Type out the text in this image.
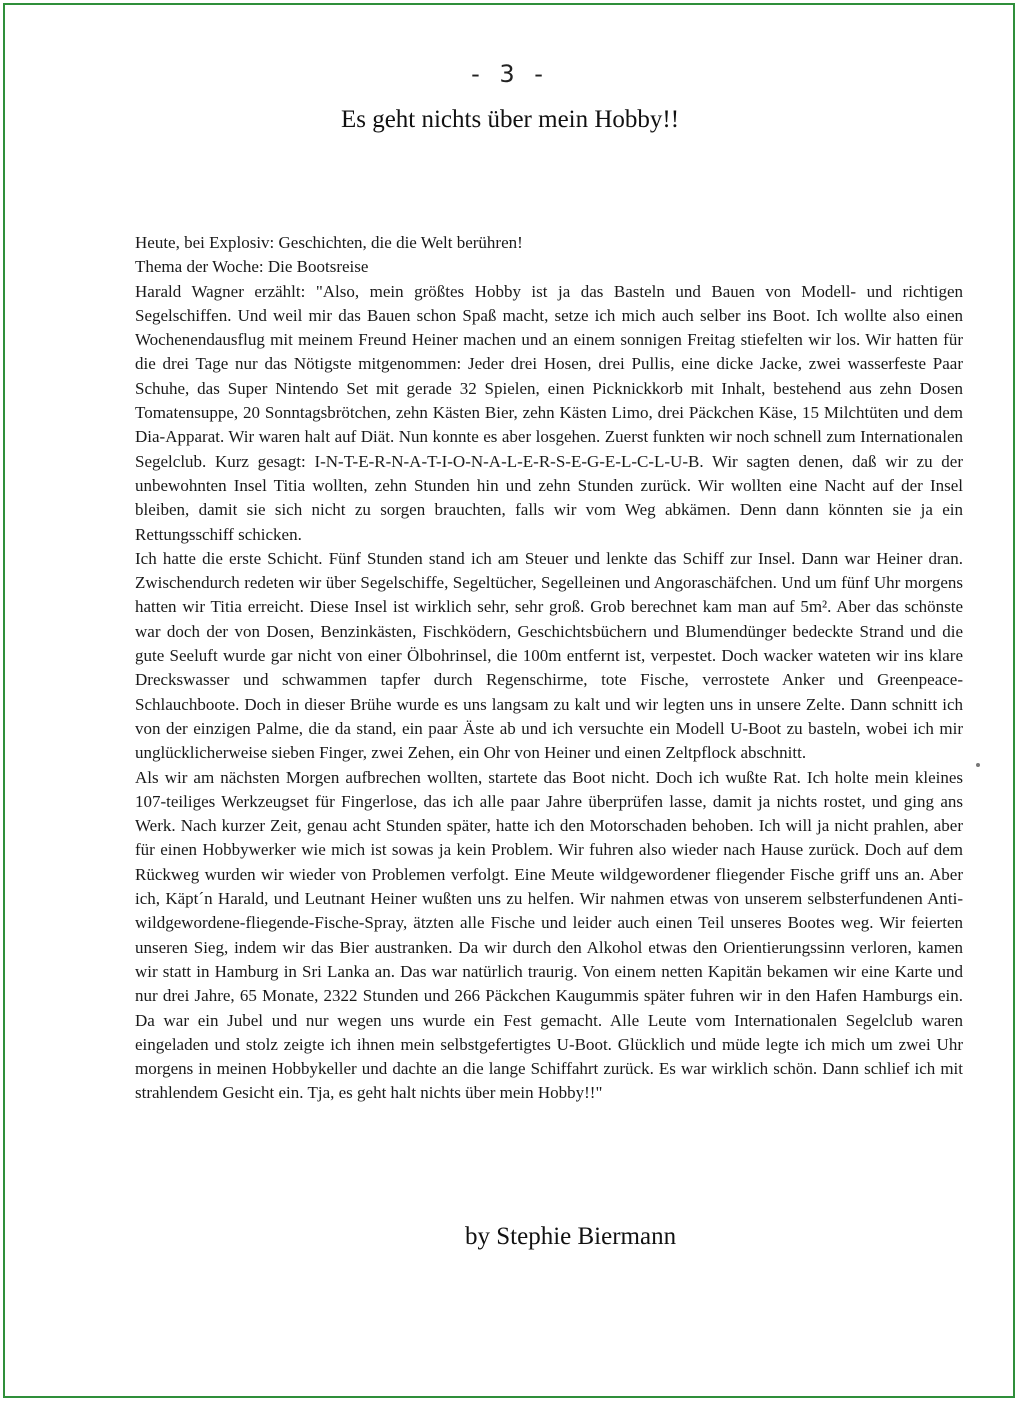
- 3 -
Es geht nichts über mein Hobby!!

Heute, bei Explosiv: Geschichten, die die Welt berühren!

Thema der Woche: Die Bootsreise

Harald Wagner erzählt: "Also, mein größtes Hobby ist ja das Basteln und Bauen von Modell- und richtigen Segelschiffen. Und weil mir das Bauen schon Spaß macht, setze ich mich auch selber ins Boot. Ich wollte also einen Wochenendausflug mit meinem Freund Heiner machen und an einem sonnigen Freitag stiefelten wir los. Wir hatten für die drei Tage nur das Nötigste mitgenommen: Jeder drei Hosen, drei Pullis, eine dicke Jacke, zwei wasserfeste Paar Schuhe, das Super Nintendo Set mit gerade 32 Spielen, einen Picknickkorb mit Inhalt, bestehend aus zehn Dosen Tomatensuppe, 20 Sonntagsbrötchen, zehn Kästen Bier, zehn Kästen Limo, drei Päckchen Käse, 15 Milchtüten und dem Dia-Apparat. Wir waren halt auf Diät. Nun konnte es aber losgehen. Zuerst funkten wir noch schnell zum Internationalen Segelclub. Kurz gesagt: I-N-T-E-R-N-A-T-I-O-N-A-L-E-R-S-E-G-E-L-C-L-U-B. Wir sagten denen, daß wir zu der unbewohnten Insel Titia wollten, zehn Stunden hin und zehn Stunden zurück. Wir wollten eine Nacht auf der Insel bleiben, damit sie sich nicht zu sorgen brauchten, falls wir vom Weg abkämen. Denn dann könnten sie ja ein Rettungsschiff schicken.

Ich hatte die erste Schicht. Fünf Stunden stand ich am Steuer und lenkte das Schiff zur Insel. Dann war Heiner dran. Zwischendurch redeten wir über Segelschiffe, Segeltücher, Segelleinen und Angoraschäfchen. Und um fünf Uhr morgens hatten wir Titia erreicht. Diese Insel ist wirklich sehr, sehr groß. Grob berechnet kam man auf 5m². Aber das schönste war doch der von Dosen, Benzinkästen, Fischködern, Geschichtsbüchern und Blumendünger bedeckte Strand und die gute Seeluft wurde gar nicht von einer Ölbohrinsel, die 100m entfernt ist, verpestet. Doch wacker wateten wir ins klare Dreckswasser und schwammen tapfer durch Regenschirme, tote Fische, verrostete Anker und Greenpeace-Schlauchboote. Doch in dieser Brühe wurde es uns langsam zu kalt und wir legten uns in unsere Zelte. Dann schnitt ich von der einzigen Palme, die da stand, ein paar Äste ab und ich versuchte ein Modell U-Boot zu basteln, wobei ich mir unglücklicherweise sieben Finger, zwei Zehen, ein Ohr von Heiner und einen Zeltpflock abschnitt.

Als wir am nächsten Morgen aufbrechen wollten, startete das Boot nicht. Doch ich wußte Rat. Ich holte mein kleines 107-teiliges Werkzeugset für Fingerlose, das ich alle paar Jahre überprüfen lasse, damit ja nichts rostet, und ging ans Werk. Nach kurzer Zeit, genau acht Stunden später, hatte ich den Motorschaden behoben. Ich will ja nicht prahlen, aber für einen Hobbywerker wie mich ist sowas ja kein Problem. Wir fuhren also wieder nach Hause zurück. Doch auf dem Rückweg wurden wir wieder von Problemen verfolgt. Eine Meute wildgewordener fliegender Fische griff uns an. Aber ich, Käpt´n Harald, und Leutnant Heiner wußten uns zu helfen. Wir nahmen etwas von unserem selbsterfundenen Anti-wildgewordene-fliegende-Fische-Spray, ätzten alle Fische und leider auch einen Teil unseres Bootes weg. Wir feierten unseren Sieg, indem wir das Bier austranken. Da wir durch den Alkohol etwas den Orientierungssinn verloren, kamen wir statt in Hamburg in Sri Lanka an. Das war natürlich traurig. Von einem netten Kapitän bekamen wir eine Karte und nur drei Jahre, 65 Monate, 2322 Stunden und 266 Päckchen Kaugummis später fuhren wir in den Hafen Hamburgs ein. Da war ein Jubel und nur wegen uns wurde ein Fest gemacht. Alle Leute vom Internationalen Segelclub waren eingeladen und stolz zeigte ich ihnen mein selbstgefertigtes U-Boot. Glücklich und müde legte ich mich um zwei Uhr morgens in meinen Hobbykeller und dachte an die lange Schiffahrt zurück. Es war wirklich schön. Dann schlief ich mit strahlendem Gesicht ein. Tja, es geht halt nichts über mein Hobby!!"

by Stephie Biermann
